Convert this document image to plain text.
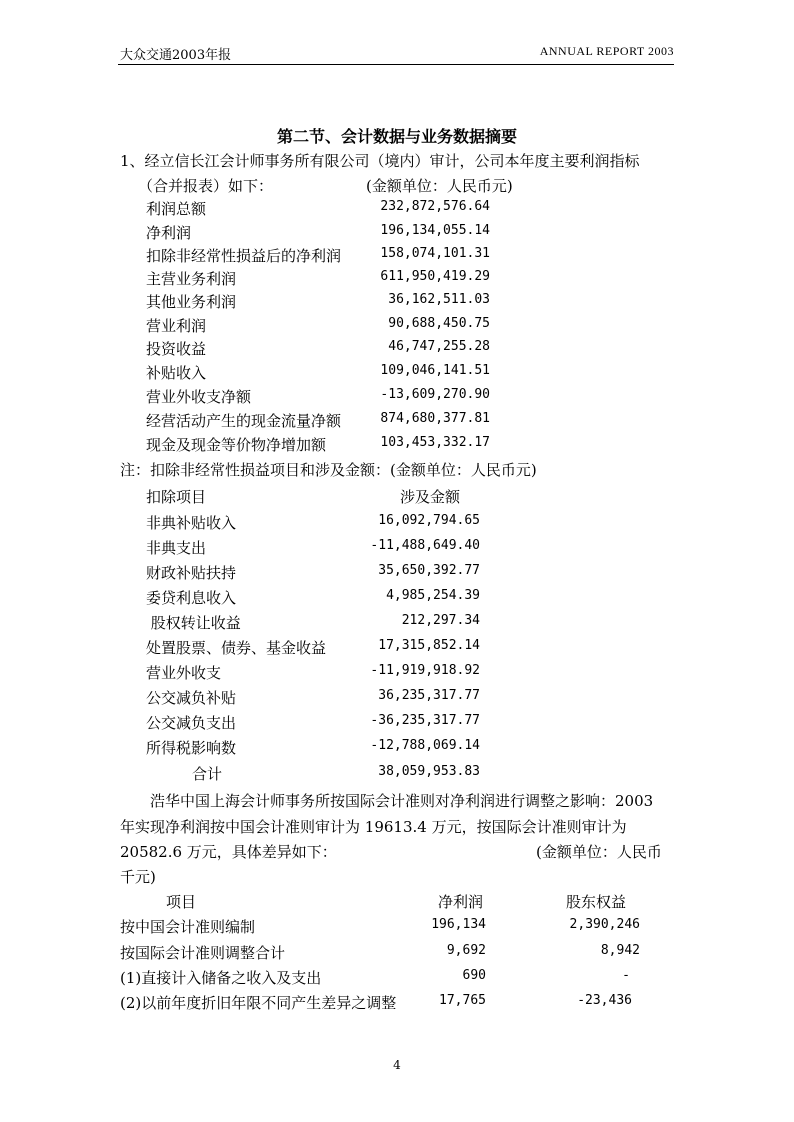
大众交通2003年报	ANNUAL REPORT 2003
第二节、会计数据与业务数据摘要
1、经立信长江会计师事务所有限公司（境内）审计，公司本年度主要利润指标
（合并报表）如下：	(金额单位：人民币元)
利润总额	232,872,576.64
净利润	196,134,055.14
扣除非经常性损益后的净利润	158,074,101.31
主营业务利润	611,950,419.29
其他业务利润	36,162,511.03
营业利润	90,688,450.75
投资收益	46,747,255.28
补贴收入	109,046,141.51
营业外收支净额	-13,609,270.90
经营活动产生的现金流量净额	874,680,377.81
现金及现金等价物净增加额	103,453,332.17
注：扣除非经常性损益项目和涉及金额：(金额单位：人民币元)
扣除项目	涉及金额
非典补贴收入	16,092,794.65
非典支出	-11,488,649.40
财政补贴扶持	35,650,392.77
委贷利息收入	4,985,254.39
股权转让收益	212,297.34
处置股票、债券、基金收益	17,315,852.14
营业外收支	-11,919,918.92
公交减负补贴	36,235,317.77
公交减负支出	-36,235,317.77
所得税影响数	-12,788,069.14
合计	38,059,953.83
浩华中国上海会计师事务所按国际会计准则对净利润进行调整之影响：2003
年实现净利润按中国会计准则审计为 19613.4 万元，按国际会计准则审计为
20582.6 万元，具体差异如下：	(金额单位：人民币
千元)
项目	净利润	股东权益
按中国会计准则编制	196,134	2,390,246
按国际会计准则调整合计	9,692	8,942
(1)直接计入储备之收入及支出	690	-
(2)以前年度折旧年限不同产生差异之调整	17,765	-23,436
4
